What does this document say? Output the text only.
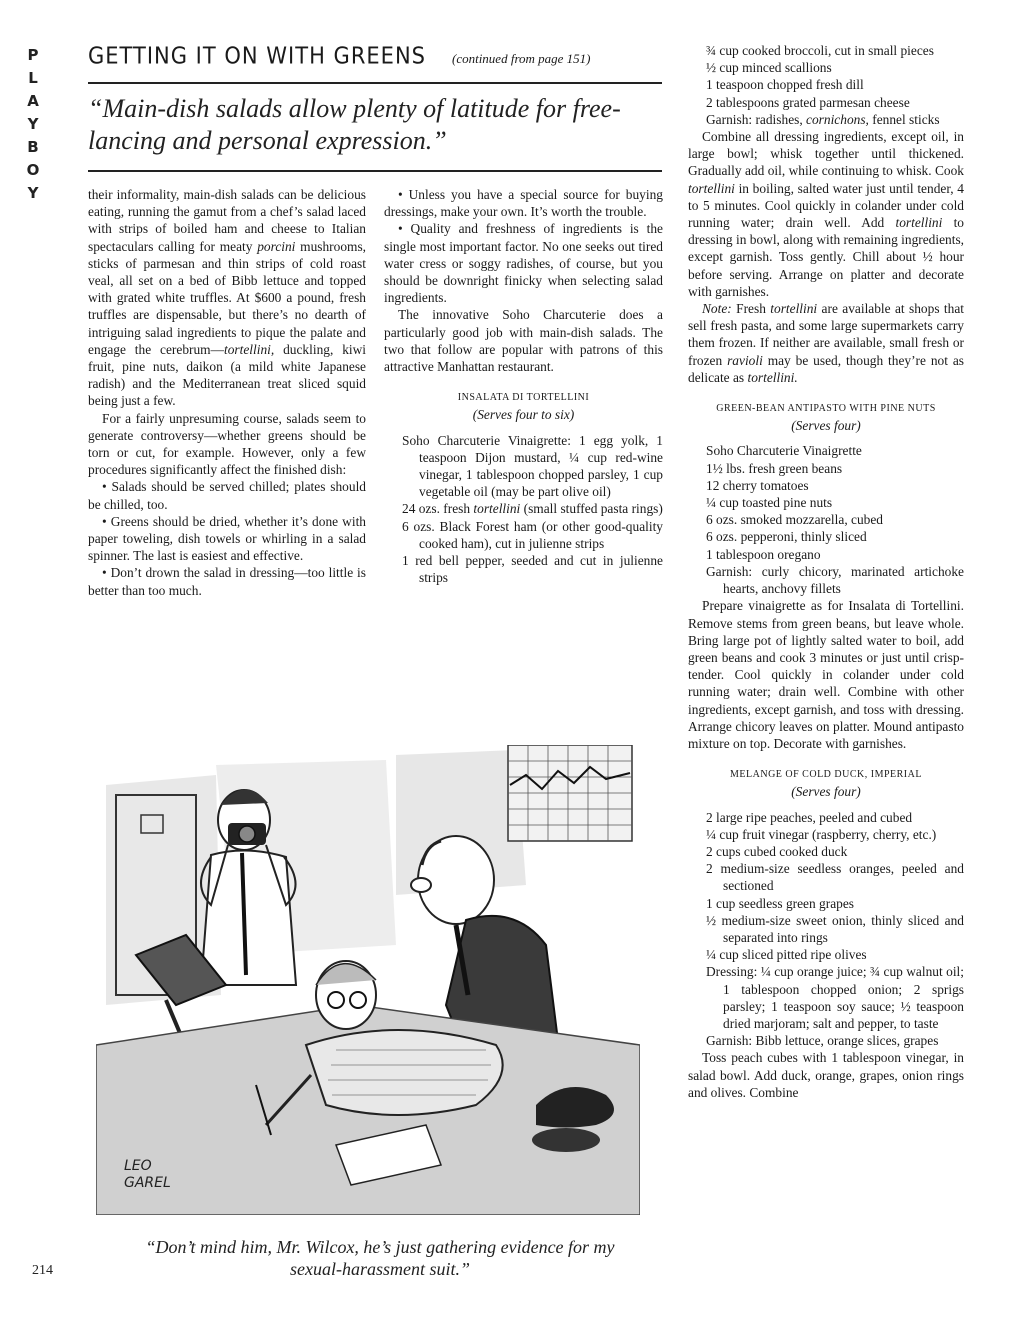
P
L
A
Y
B
O
Y
GETTING IT ON WITH GREENS (continued from page 151)
“Main-dish salads allow plenty of latitude for free-lancing and personal expression.”

their informality, main-dish salads can be delicious eating, running the gamut from a chef’s salad laced with strips of boiled ham and cheese to Italian spectaculars calling for meaty porcini mushrooms, sticks of parmesan and thin strips of cold roast veal, all set on a bed of Bibb lettuce and topped with grated white truffles. At $600 a pound, fresh truffles are dispensable, but there’s no dearth of intriguing salad ingredients to pique the palate and engage the cerebrum—tortellini, duckling, kiwi fruit, pine nuts, daikon (a mild white Japanese radish) and the Mediterranean treat sliced squid being just a few.

For a fairly unpresuming course, salads seem to generate controversy—whether greens should be torn or cut, for example. However, only a few procedures significantly affect the finished dish:

• Salads should be served chilled; plates should be chilled, too.

• Greens should be dried, whether it’s done with paper toweling, dish towels or whirling in a salad spinner. The last is easiest and effective.

• Don’t drown the salad in dressing—too little is better than too much.

• Unless you have a special source for buying dressings, make your own. It’s worth the trouble.

• Quality and freshness of ingredients is the single most important factor. No one seeks out tired water cress or soggy radishes, of course, but you should be downright finicky when selecting salad ingredients.

The innovative Soho Charcuterie does a particularly good job with main-dish salads. The two that follow are popular with patrons of this attractive Manhattan restaurant.

INSALATA DI TORTELLINI
(Serves four to six)

Soho Charcuterie Vinaigrette: 1 egg yolk, 1 teaspoon Dijon mustard, ¼ cup red-wine vinegar, 1 tablespoon chopped parsley, 1 cup vegetable oil (may be part olive oil)

24 ozs. fresh tortellini (small stuffed pasta rings)

6 ozs. Black Forest ham (or other good-quality cooked ham), cut in julienne strips

1 red bell pepper, seeded and cut in julienne strips

¾ cup cooked broccoli, cut in small pieces

½ cup minced scallions

1 teaspoon chopped fresh dill

2 tablespoons grated parmesan cheese

Garnish: radishes, cornichons, fennel sticks

Combine all dressing ingredients, except oil, in large bowl; whisk together until thickened. Gradually add oil, while continuing to whisk. Cook tortellini in boiling, salted water just until tender, 4 to 5 minutes. Cool quickly in colander under cold running water; drain well. Add tortellini to dressing in bowl, along with remaining ingredients, except garnish. Toss gently. Chill about ½ hour before serving. Arrange on platter and decorate with garnishes.

Note: Fresh tortellini are available at shops that sell fresh pasta, and some large supermarkets carry them frozen. If neither are available, small fresh or frozen ravioli may be used, though they’re not as delicate as tortellini.

GREEN-BEAN ANTIPASTO WITH PINE NUTS
(Serves four)

Soho Charcuterie Vinaigrette

1½ lbs. fresh green beans

12 cherry tomatoes

¼ cup toasted pine nuts

6 ozs. smoked mozzarella, cubed

6 ozs. pepperoni, thinly sliced

1 tablespoon oregano

Garnish: curly chicory, marinated artichoke hearts, anchovy fillets

Prepare vinaigrette as for Insalata di Tortellini. Remove stems from green beans, but leave whole. Bring large pot of lightly salted water to boil, add green beans and cook 3 minutes or just until crisp-tender. Cool quickly in colander under cold running water; drain well. Combine with other ingredients, except garnish, and toss with dressing. Arrange chicory leaves on platter. Mound antipasto mixture on top. Decorate with garnishes.

MELANGE OF COLD DUCK, IMPERIAL
(Serves four)

2 large ripe peaches, peeled and cubed

¼ cup fruit vinegar (raspberry, cherry, etc.)

2 cups cubed cooked duck

2 medium-size seedless oranges, peeled and sectioned

1 cup seedless green grapes

½ medium-size sweet onion, thinly sliced and separated into rings

¼ cup sliced pitted ripe olives

Dressing: ¼ cup orange juice; ¾ cup walnut oil; 1 tablespoon chopped onion; 2 sprigs parsley; 1 teaspoon soy sauce; ½ teaspoon dried marjoram; salt and pepper, to taste

Garnish: Bibb lettuce, orange slices, grapes

Toss peach cubes with 1 tablespoon vinegar, in salad bowl. Add duck, orange, grapes, onion rings and olives. Combine

LEO
GAREL
“Don’t mind him, Mr. Wilcox, he’s just gathering evidence for my sexual-harassment suit.”
214
